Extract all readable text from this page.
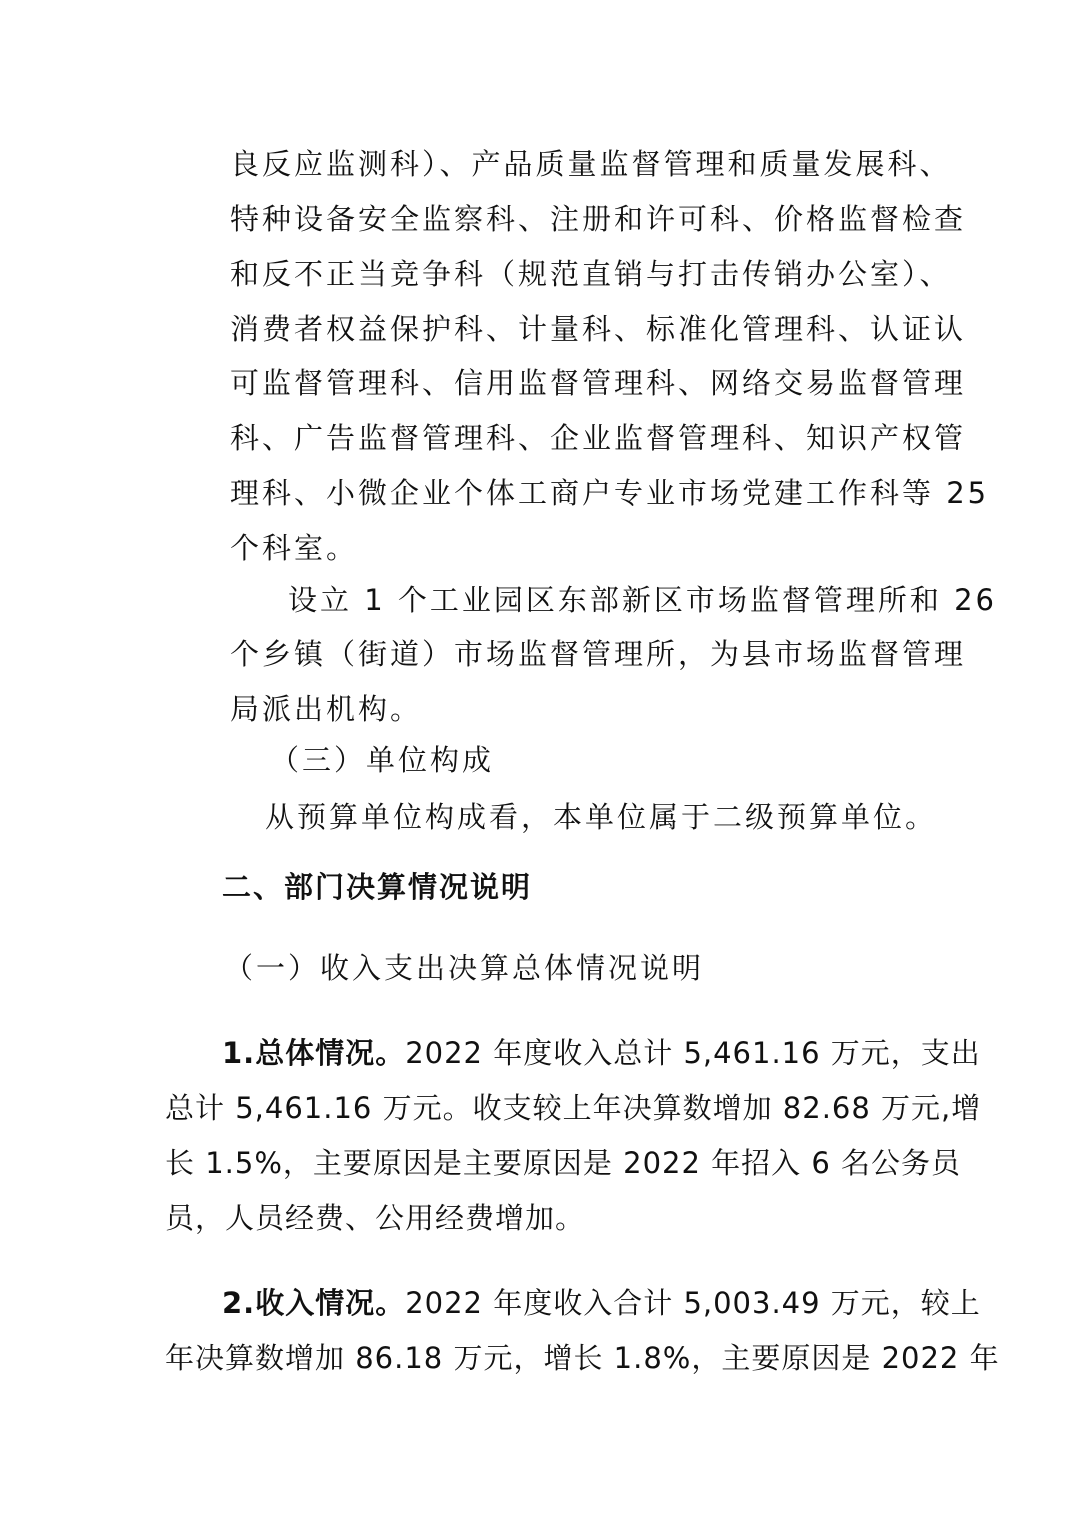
良反应监测科）、产品质量监督管理和质量发展科、
特种设备安全监察科、注册和许可科、价格监督检查
和反不正当竞争科（规范直销与打击传销办公室）、
消费者权益保护科、计量科、标准化管理科、认证认
可监督管理科、信用监督管理科、网络交易监督管理
科、广告监督管理科、企业监督管理科、知识产权管
理科、小微企业个体工商户专业市场党建工作科等 25
个科室。
设立 1 个工业园区东部新区市场监督管理所和 26
个乡镇（街道）市场监督管理所，为县市场监督管理
局派出机构。
（三）单位构成
从预算单位构成看，本单位属于二级预算单位。
二、部门决算情况说明
（一）收入支出决算总体情况说明
1.总体情况。2022 年度收入总计 5,461.16 万元，支出
总计 5,461.16 万元。收支较上年决算数增加 82.68 万元,增
长 1.5%，主要原因是主要原因是 2022 年招入 6 名公务员
员，人员经费、公用经费增加。
2.收入情况。2022 年度收入合计 5,003.49 万元，较上
年决算数增加 86.18 万元，增长 1.8%，主要原因是 2022 年
